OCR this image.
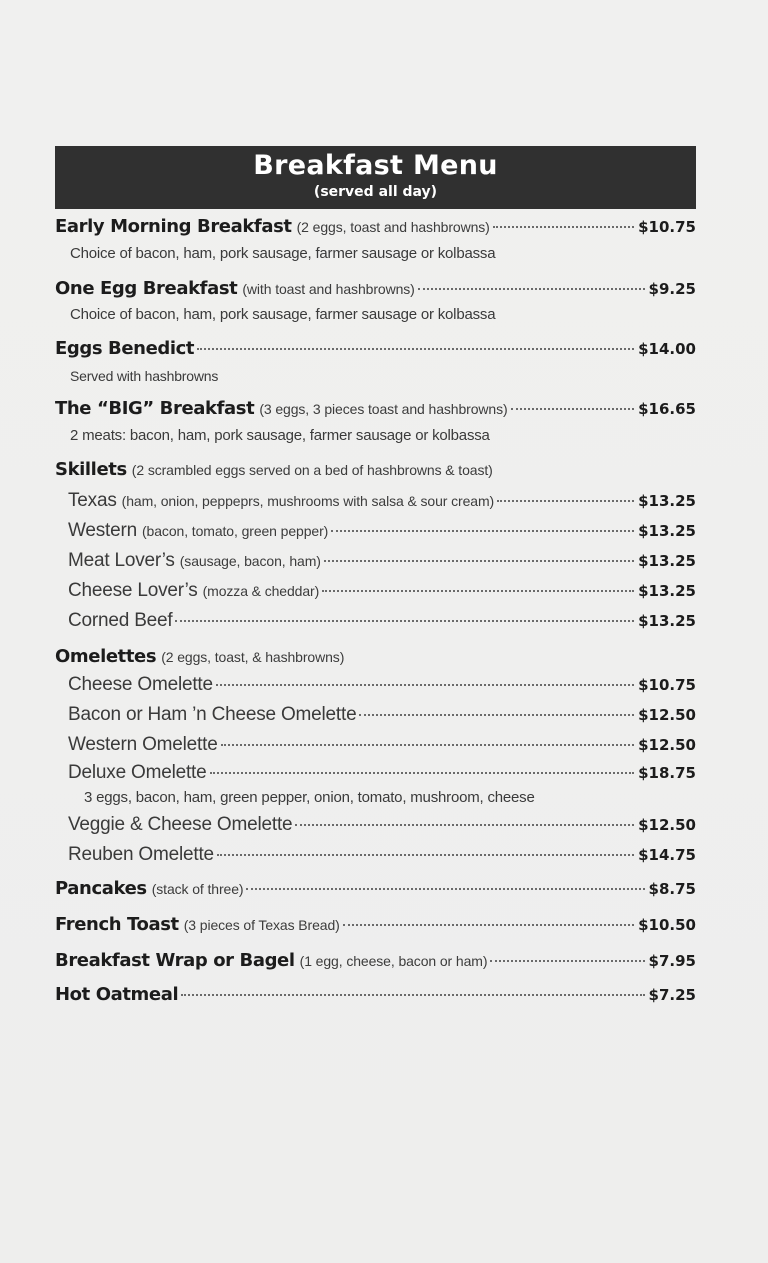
Breakfast Menu
(served all day)
Early Morning Breakfast (2 eggs, toast and hashbrowns)	$10.75
Choice of bacon, ham, pork sausage, farmer sausage or kolbassa
One Egg Breakfast (with toast and hashbrowns)	$9.25
Choice of bacon, ham, pork sausage, farmer sausage or kolbassa
Eggs Benedict	$14.00
Served with hashbrowns
The “BIG” Breakfast (3 eggs, 3 pieces toast and hashbrowns)	$16.65
2 meats: bacon, ham, pork sausage, farmer sausage or kolbassa
Skillets (2 scrambled eggs served on a bed of hashbrowns & toast)
Texas (ham, onion, peppeprs, mushrooms with salsa & sour cream)	$13.25
Western (bacon, tomato, green pepper)	$13.25
Meat Lover’s (sausage, bacon, ham)	$13.25
Cheese Lover’s (mozza & cheddar)	$13.25
Corned Beef	$13.25
Omelettes (2 eggs, toast, & hashbrowns)
Cheese Omelette	$10.75
Bacon or Ham ’n Cheese Omelette	$12.50
Western Omelette	$12.50
Deluxe Omelette	$18.75
3 eggs, bacon, ham, green pepper, onion, tomato, mushroom, cheese
Veggie & Cheese Omelette	$12.50
Reuben Omelette	$14.75
Pancakes (stack of three)	$8.75
French Toast (3 pieces of Texas Bread)	$10.50
Breakfast Wrap or Bagel (1 egg, cheese, bacon or ham)	$7.95
Hot Oatmeal	$7.25
